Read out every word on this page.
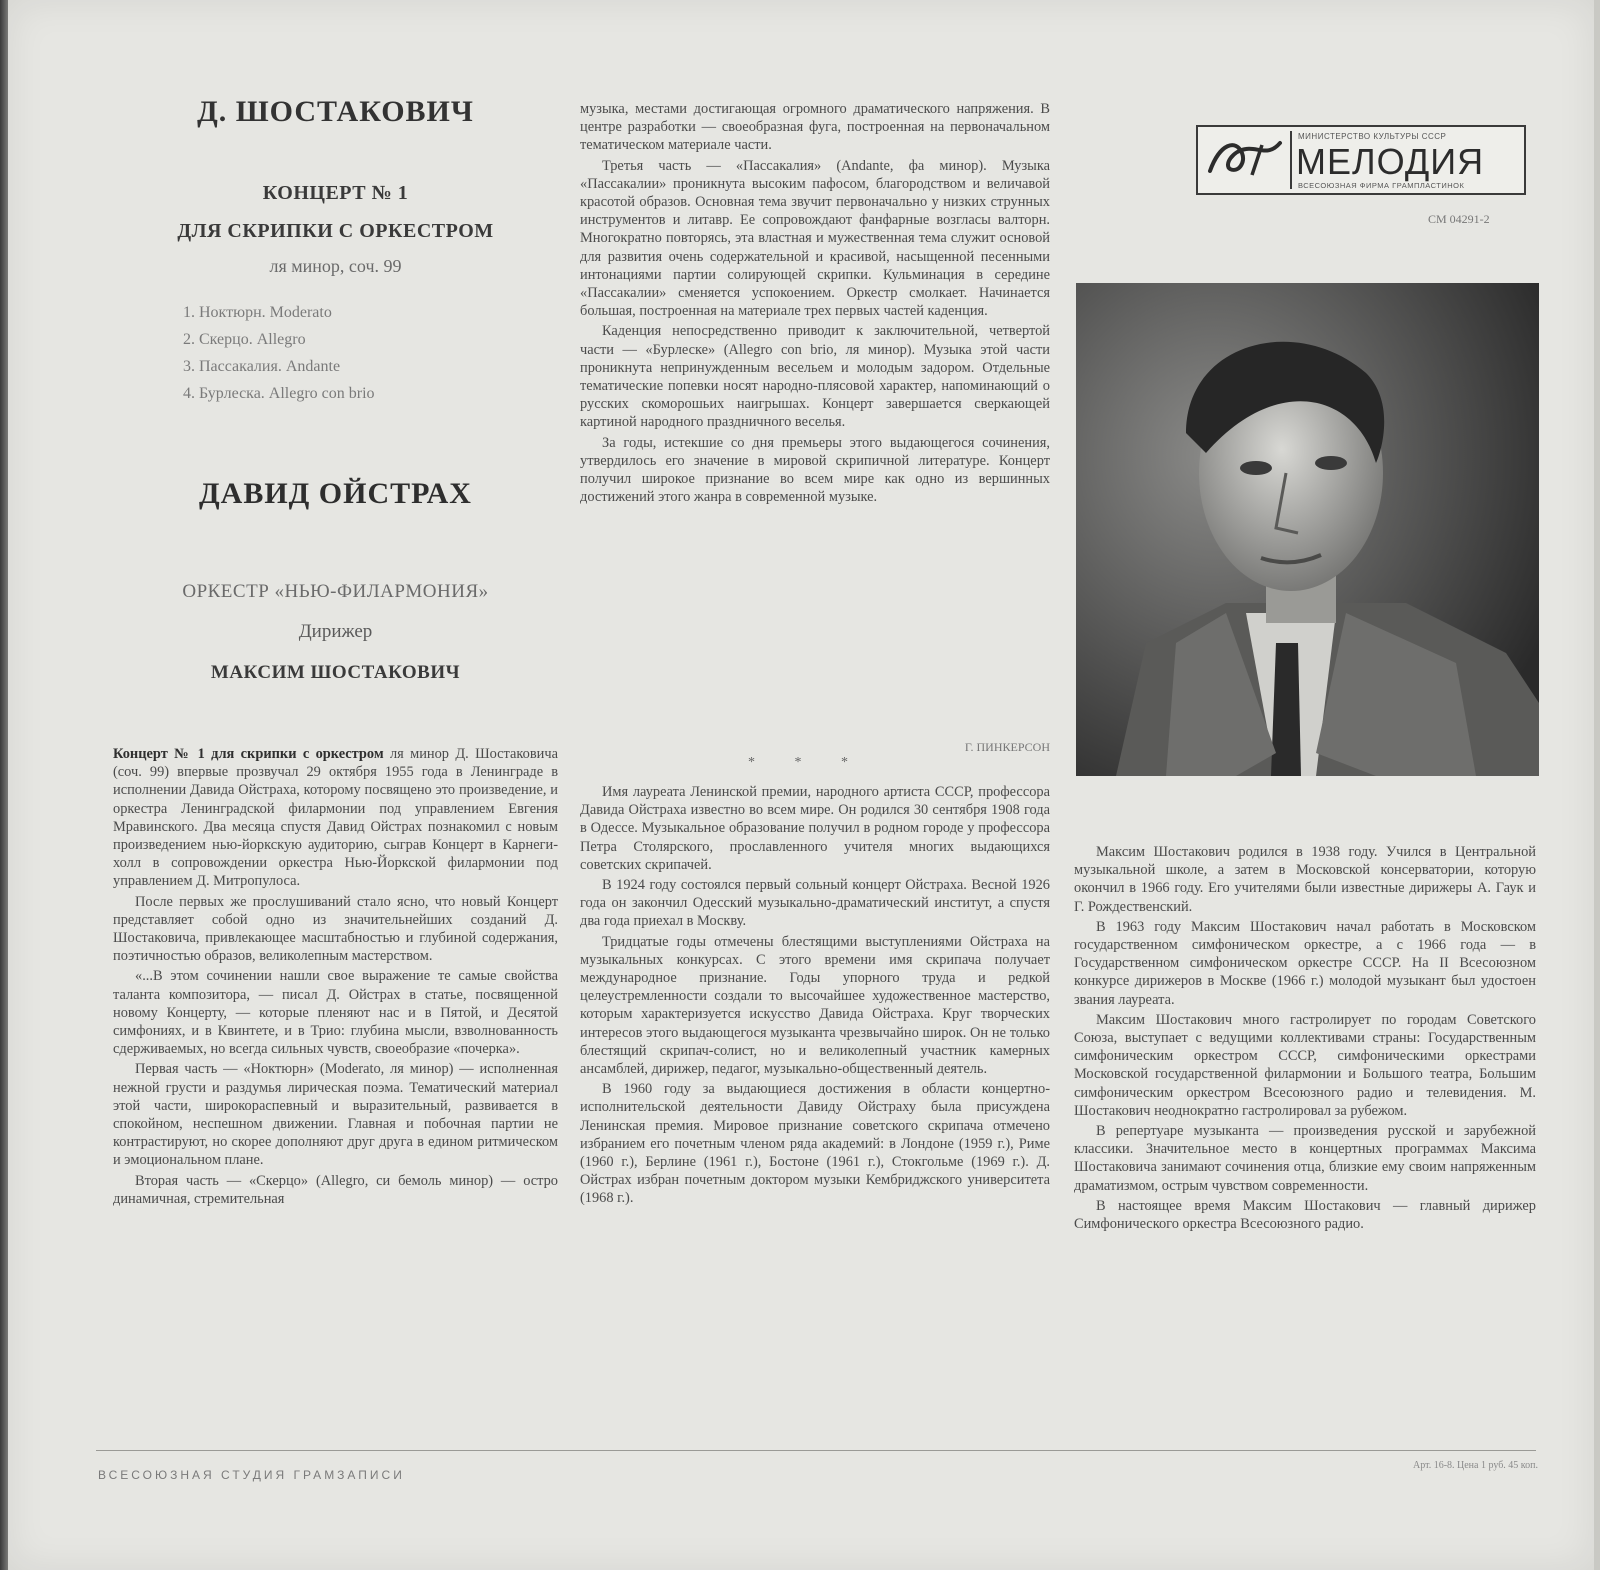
Д. ШОСТАКОВИЧ

КОНЦЕРТ № 1

ДЛЯ СКРИПКИ С ОРКЕСТРОМ

ля минор, соч. 99

1. Ноктюрн. Moderato
2. Скерцо. Allegro
3. Пассакалия. Andante
4. Бурлеска. Allegro con brio
ДАВИД ОЙСТРАХ

ОРКЕСТР «НЬЮ-ФИЛАРМОНИЯ»

Дирижер

МАКСИМ ШОСТАКОВИЧ

Концерт № 1 для скрипки с оркестром ля минор Д. Шостаковича (соч. 99) впервые прозвучал 29 октября 1955 года в Ленинграде в исполнении Давида Ойстраха, которому посвящено это произведение, и оркестра Ленинградской филармонии под управлением Евгения Мравинского. Два месяца спустя Давид Ойстрах познакомил с новым произведением нью-йоркскую аудиторию, сыграв Концерт в Карнеги-холл в сопровождении оркестра Нью-Йоркской филармонии под управлением Д. Митропулоса.

После первых же прослушиваний стало ясно, что новый Концерт представляет собой одно из значительнейших созданий Д. Шостаковича, привлекающее масштабностью и глубиной содержания, поэтичностью образов, великолепным мастерством.

«...В этом сочинении нашли свое выражение те самые свойства таланта композитора, — писал Д. Ойстрах в статье, посвященной новому Концерту, — которые пленяют нас и в Пятой, и Десятой симфониях, и в Квинтете, и в Трио: глубина мысли, взволнованность сдерживаемых, но всегда сильных чувств, своеобразие «почерка».

Первая часть — «Ноктюрн» (Moderato, ля минор) — исполненная нежной грусти и раздумья лирическая поэма. Тематический материал этой части, широкораспевный и выразительный, развивается в спокойном, неспешном движении. Главная и побочная партии не контрастируют, но скорее дополняют друг друга в едином ритмическом и эмоциональном плане.

Вторая часть — «Скерцо» (Allegro, си бемоль минор) — остро динамичная, стремительная

музыка, местами достигающая огромного драматического напряжения. В центре разработки — своеобразная фуга, построенная на первоначальном тематическом материале части.

Третья часть — «Пассакалия» (Andante, фа минор). Музыка «Пассакалии» проникнута высоким пафосом, благородством и величавой красотой образов. Основная тема звучит первоначально у низких струнных инструментов и литавр. Ее сопровождают фанфарные возгласы валторн. Многократно повторясь, эта властная и мужественная тема служит основой для развития очень содержательной и красивой, насыщенной песенными интонациями партии солирующей скрипки. Кульминация в середине «Пассакалии» сменяется успокоением. Оркестр смолкает. Начинается большая, построенная на материале трех первых частей каденция.

Каденция непосредственно приводит к заключительной, четвертой части — «Бурлеске» (Allegro con brio, ля минор). Музыка этой части проникнута непринужденным весельем и молодым задором. Отдельные тематические попевки носят народно-плясовой характер, напоминающий о русских скоморошьих наигрышах. Концерт завершается сверкающей картиной народного праздничного веселья.

За годы, истекшие со дня премьеры этого выдающегося сочинения, утвердилось его значение в мировой скрипичной литературе. Концерт получил широкое признание во всем мире как одно из вершинных достижений этого жанра в современной музыке.

Г. ПИНКЕРСОН
* * *

Имя лауреата Ленинской премии, народного артиста СССР, профессора Давида Ойстраха известно во всем мире. Он родился 30 сентября 1908 года в Одессе. Музыкальное образование получил в родном городе у профессора Петра Столярского, прославленного учителя многих выдающихся советских скрипачей.

В 1924 году состоялся первый сольный концерт Ойстраха. Весной 1926 года он закончил Одесский музыкально-драматический институт, а спустя два года приехал в Москву.

Тридцатые годы отмечены блестящими выступлениями Ойстраха на музыкальных конкурсах. С этого времени имя скрипача получает международное признание. Годы упорного труда и редкой целеустремленности создали то высочайшее художественное мастерство, которым характеризуется искусство Давида Ойстраха. Круг творческих интересов этого выдающегося музыканта чрезвычайно широк. Он не только блестящий скрипач-солист, но и великолепный участник камерных ансамблей, дирижер, педагог, музыкально-общественный деятель.

В 1960 году за выдающиеся достижения в области концертно-исполнительской деятельности Давиду Ойстраху была присуждена Ленинская премия. Мировое признание советского скрипача отмечено избранием его почетным членом ряда академий: в Лондоне (1959 г.), Риме (1960 г.), Берлине (1961 г.), Бостоне (1961 г.), Стокгольме (1969 г.). Д. Ойстрах избран почетным доктором музыки Кембриджского университета (1968 г.).

МИНИСТЕРСТВО КУЛЬТУРЫ СССР
МЕЛОДИЯ
ВСЕСОЮЗНАЯ ФИРМА ГРАМПЛАСТИНОК
СМ 04291-2

Максим Шостакович родился в 1938 году. Учился в Центральной музыкальной школе, а затем в Московской консерватории, которую окончил в 1966 году. Его учителями были известные дирижеры А. Гаук и Г. Рождественский.

В 1963 году Максим Шостакович начал работать в Московском государственном симфоническом оркестре, а с 1966 года — в Государственном симфоническом оркестре СССР. На II Всесоюзном конкурсе дирижеров в Москве (1966 г.) молодой музыкант был удостоен звания лауреата.

Максим Шостакович много гастролирует по городам Советского Союза, выступает с ведущими коллективами страны: Государственным симфоническим оркестром СССР, симфоническими оркестрами Московской государственной филармонии и Большого театра, Большим симфоническим оркестром Всесоюзного радио и телевидения. М. Шостакович неоднократно гастролировал за рубежом.

В репертуаре музыканта — произведения русской и зарубежной классики. Значительное место в концертных программах Максима Шостаковича занимают сочинения отца, близкие ему своим напряженным драматизмом, острым чувством современности.

В настоящее время Максим Шостакович — главный дирижер Симфонического оркестра Всесоюзного радио.

ВСЕСОЮЗНАЯ СТУДИЯ ГРАМЗАПИСИ
Арт. 16-8. Цена 1 руб. 45 коп.
